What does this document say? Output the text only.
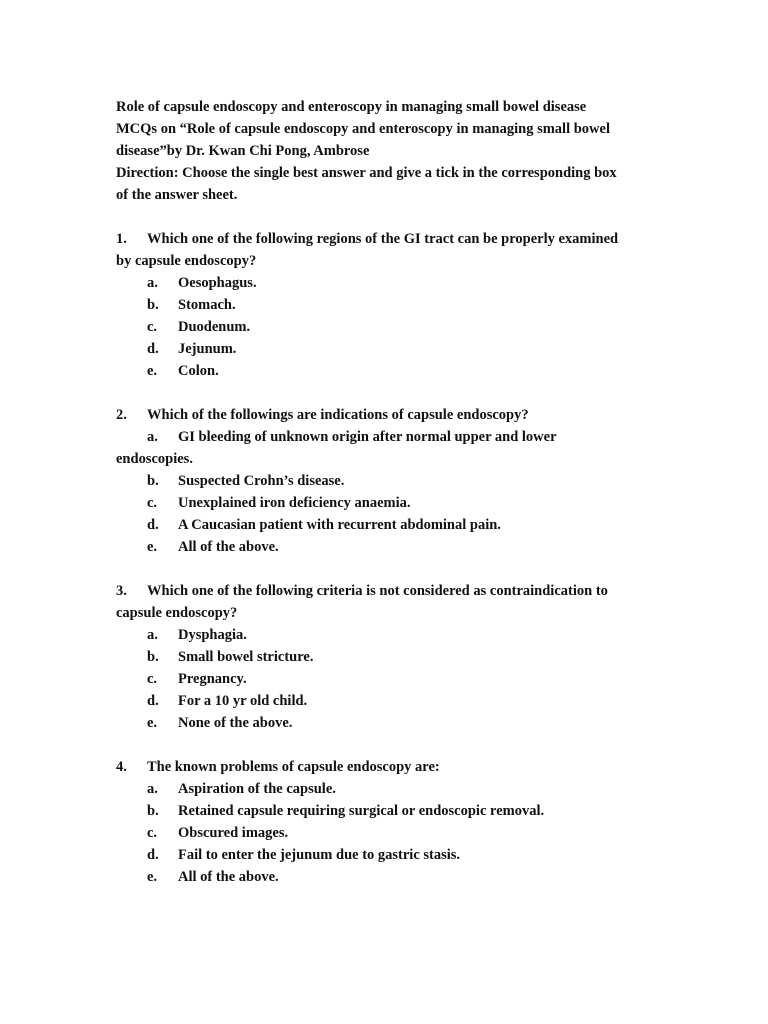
Role of capsule endoscopy and enteroscopy in managing small bowel disease
MCQs on “Role of capsule endoscopy and enteroscopy in managing small bowel
disease”by Dr. Kwan Chi Pong, Ambrose
Direction: Choose the single best answer and give a tick in the corresponding box
of the answer sheet.
1. Which one of the following regions of the GI tract can be properly examined
by capsule endoscopy?
a. Oesophagus.
b. Stomach.
c. Duodenum.
d. Jejunum.
e. Colon.
2. Which of the followings are indications of capsule endoscopy?
a. GI bleeding of unknown origin after normal upper and lower
endoscopies.
b. Suspected Crohn’s disease.
c. Unexplained iron deficiency anaemia.
d. A Caucasian patient with recurrent abdominal pain.
e. All of the above.
3. Which one of the following criteria is not considered as contraindication to
capsule endoscopy?
a. Dysphagia.
b. Small bowel stricture.
c. Pregnancy.
d. For a 10 yr old child.
e. None of the above.
4. The known problems of capsule endoscopy are:
a. Aspiration of the capsule.
b. Retained capsule requiring surgical or endoscopic removal.
c. Obscured images.
d. Fail to enter the jejunum due to gastric stasis.
e. All of the above.
